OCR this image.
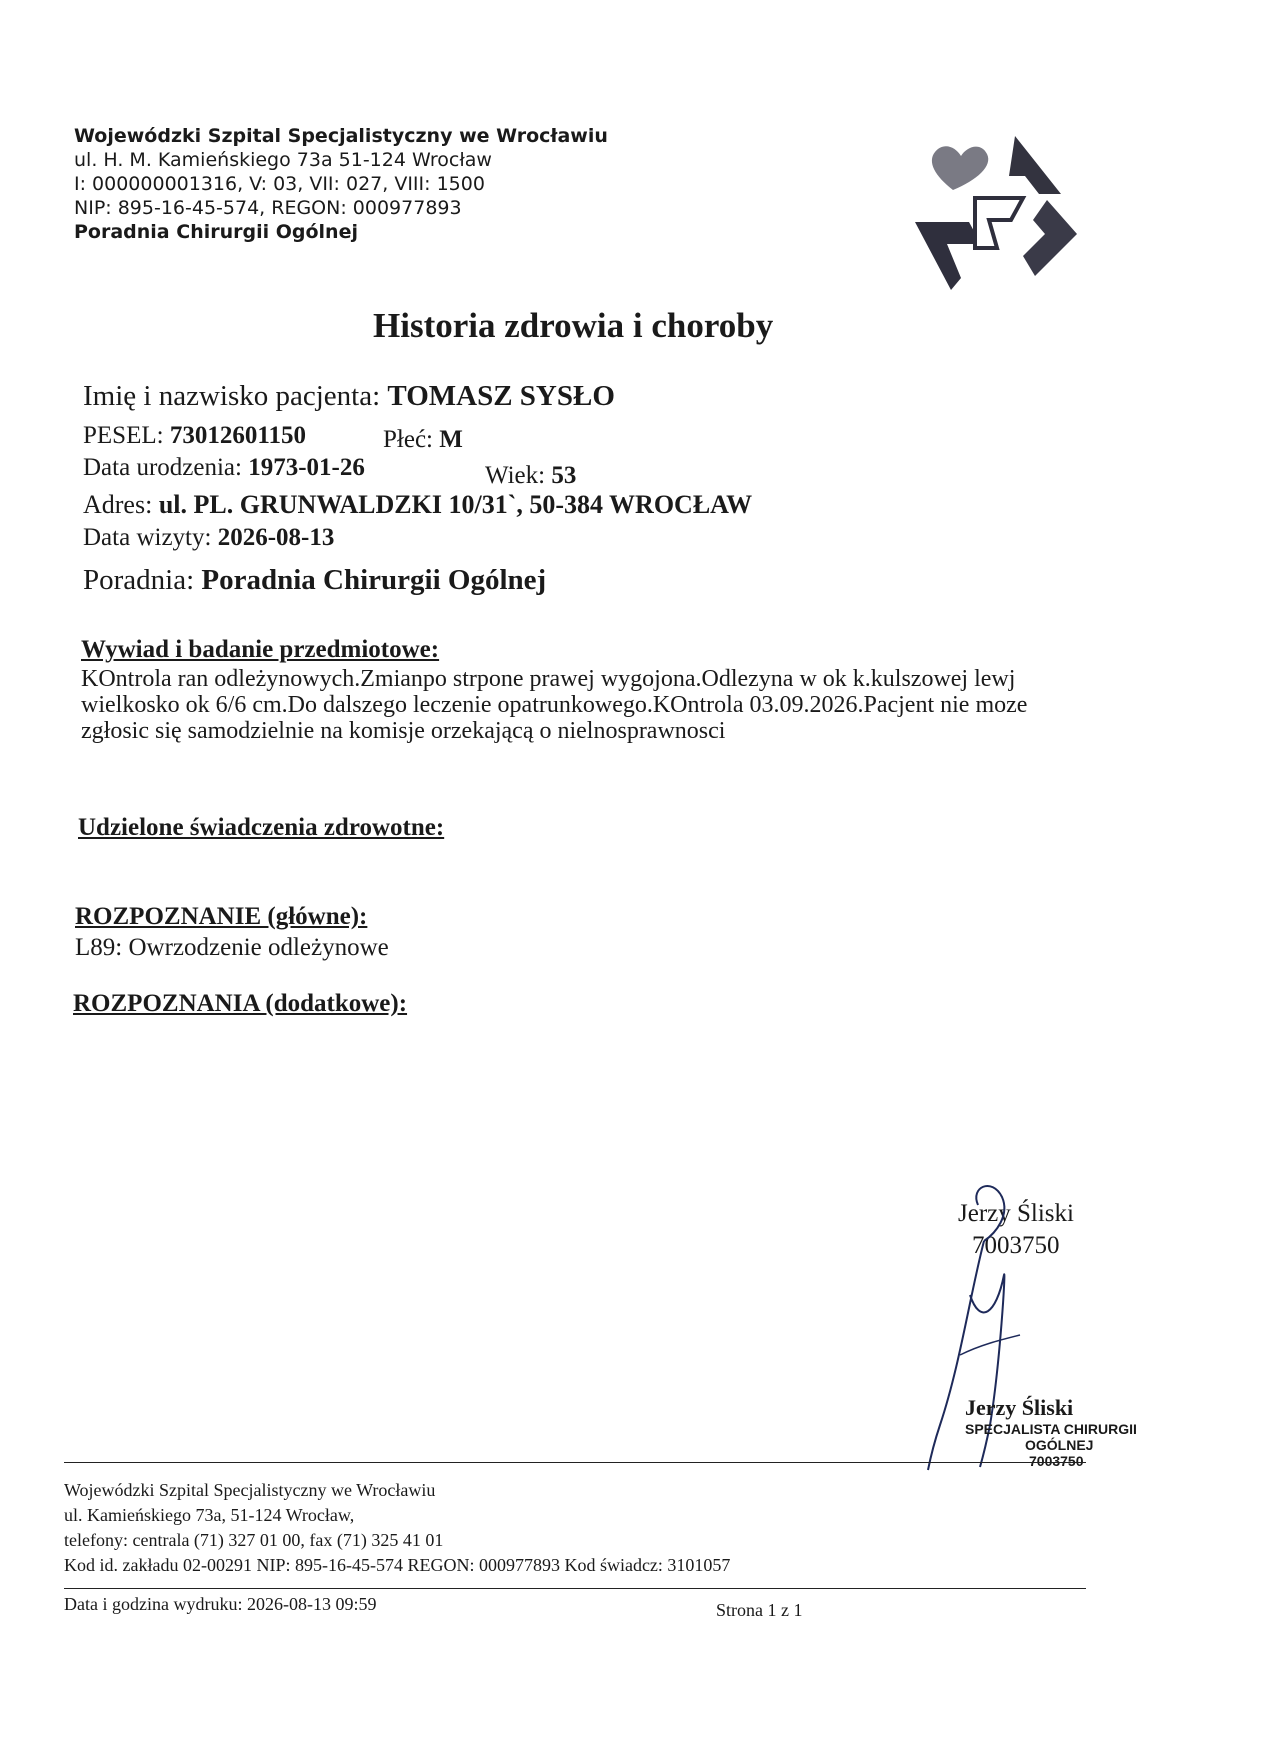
Wojewódzki Szpital Specjalistyczny we Wrocławiu
ul. H. M. Kamieńskiego 73a 51-124 Wrocław
I: 000000001316, V: 03, VII: 027, VIII: 1500
NIP: 895-16-45-574, REGON: 000977893
Poradnia Chirurgii Ogólnej
Historia zdrowia i choroby
Imię i nazwisko pacjenta: TOMASZ SYSŁO
PESEL: 73012601150	Płeć: M
Data urodzenia: 1973-01-26	Wiek: 53
Adres: ul. PL. GRUNWALDZKI 10/31`, 50-384 WROCŁAW
Data wizyty: 2026-08-13
Poradnia: Poradnia Chirurgii Ogólnej
Wywiad i badanie przedmiotowe:
KOntrola ran odleżynowych.Zmianpo strpone prawej wygojona.Odlezyna w ok k.kulszowej lewj wielkosko ok 6/6 cm.Do dalszego leczenie opatrunkowego.KOntrola 03.09.2026.Pacjent nie moze zgłosic się samodzielnie na komisje orzekającą o nielnosprawnosci
Udzielone świadczenia zdrowotne:
ROZPOZNANIE (główne):
L89: Owrzodzenie odleżynowe
ROZPOZNANIA (dodatkowe):
Jerzy Śliski
7003750
Jerzy Śliski
SPECJALISTA CHIRURGII
OGÓLNEJ
7003750
Wojewódzki Szpital Specjalistyczny we Wrocławiu
ul. Kamieńskiego 73a, 51-124 Wrocław,
telefony: centrala (71) 327 01 00, fax (71) 325 41 01
Kod id. zakładu 02-00291 NIP: 895-16-45-574 REGON: 000977893 Kod świadcz: 3101057
Data i godzina wydruku: 2026-08-13 09:59	Strona 1 z 1
